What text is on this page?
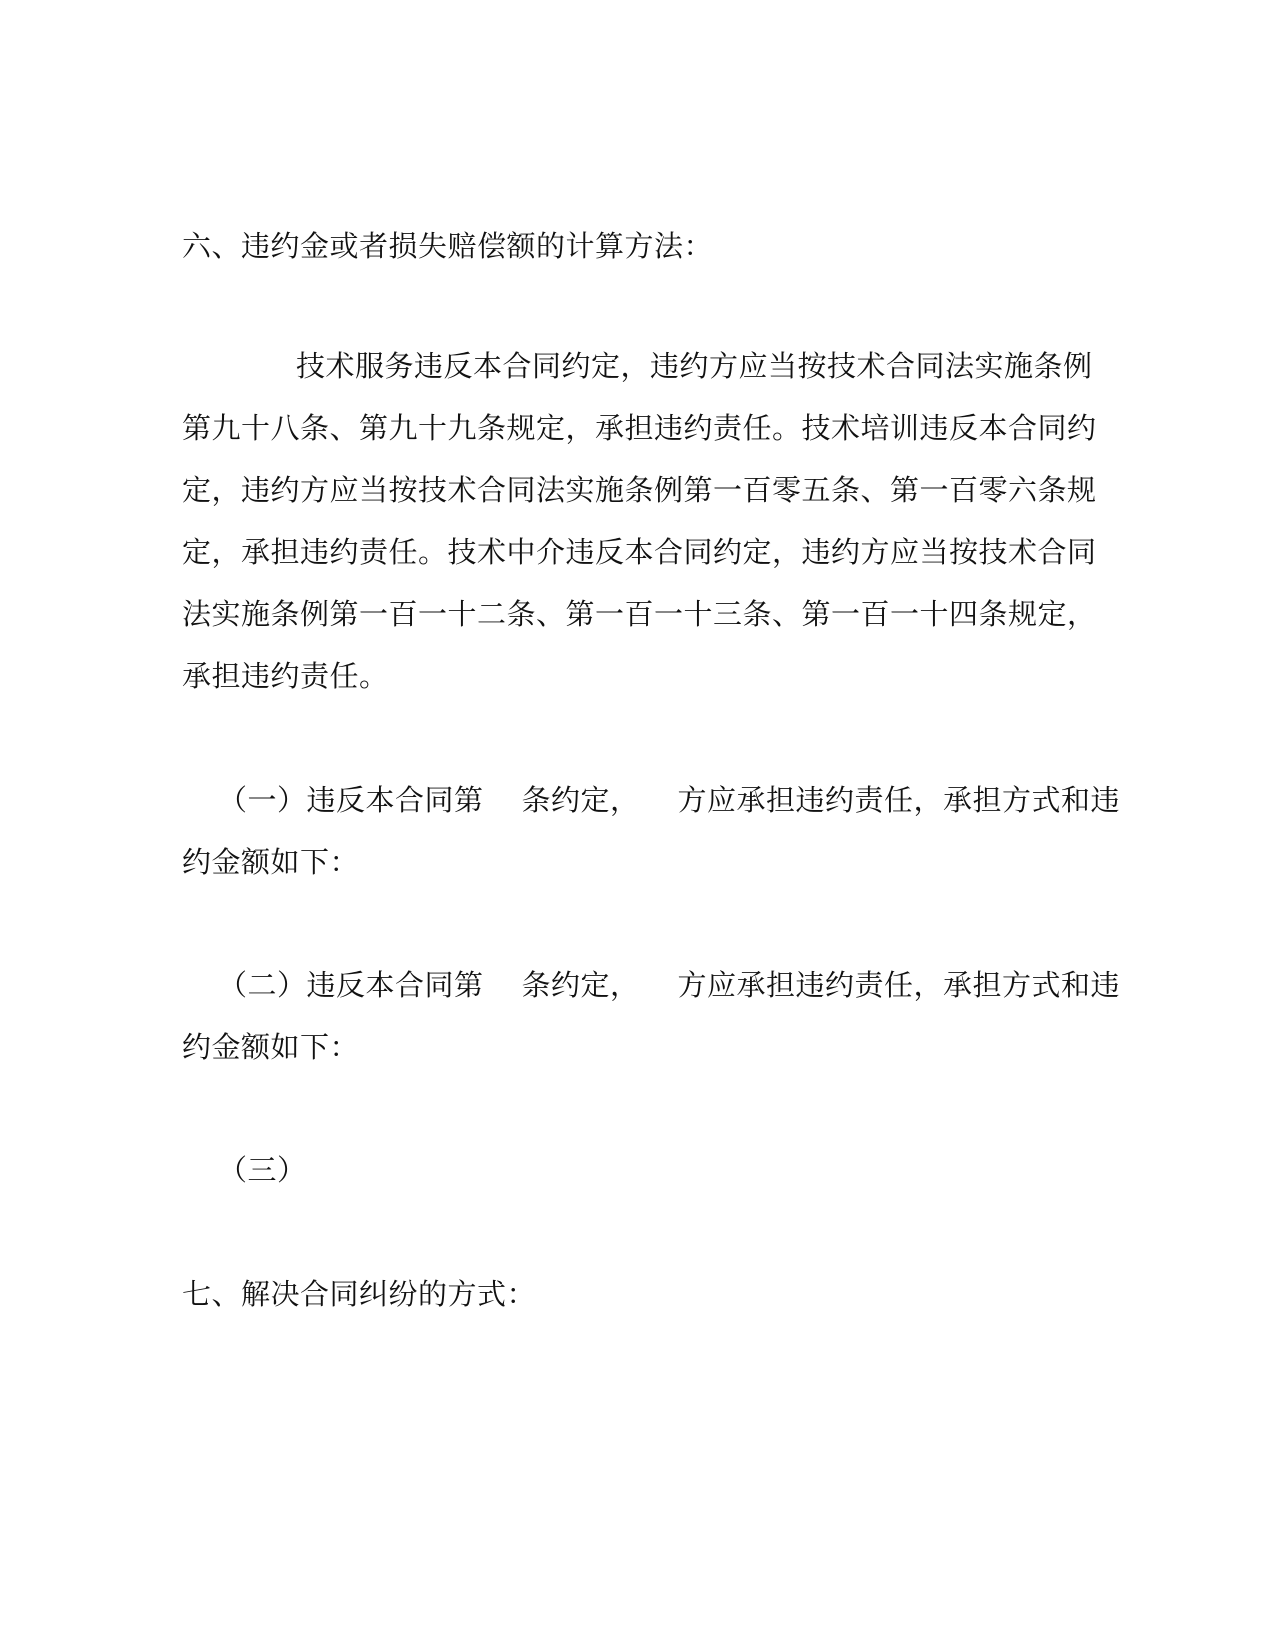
六、违约金或者损失赔偿额的计算方法：
技术服务违反本合同约定，违约方应当按技术合同法实施条例
第九十八条、第九十九条规定，承担违约责任。技术培训违反本合同约
定，违约方应当按技术合同法实施条例第一百零五条、第一百零六条规
定，承担违约责任。技术中介违反本合同约定，违约方应当按技术合同
法实施条例第一百一十二条、第一百一十三条、第一百一十四条规定，
承担违约责任。
（一）违反本合同第 条约定， 方应承担违约责任，承担方式和违
约金额如下：
（二）违反本合同第 条约定， 方应承担违约责任，承担方式和违
约金额如下：
（三）
七、解决合同纠纷的方式：
